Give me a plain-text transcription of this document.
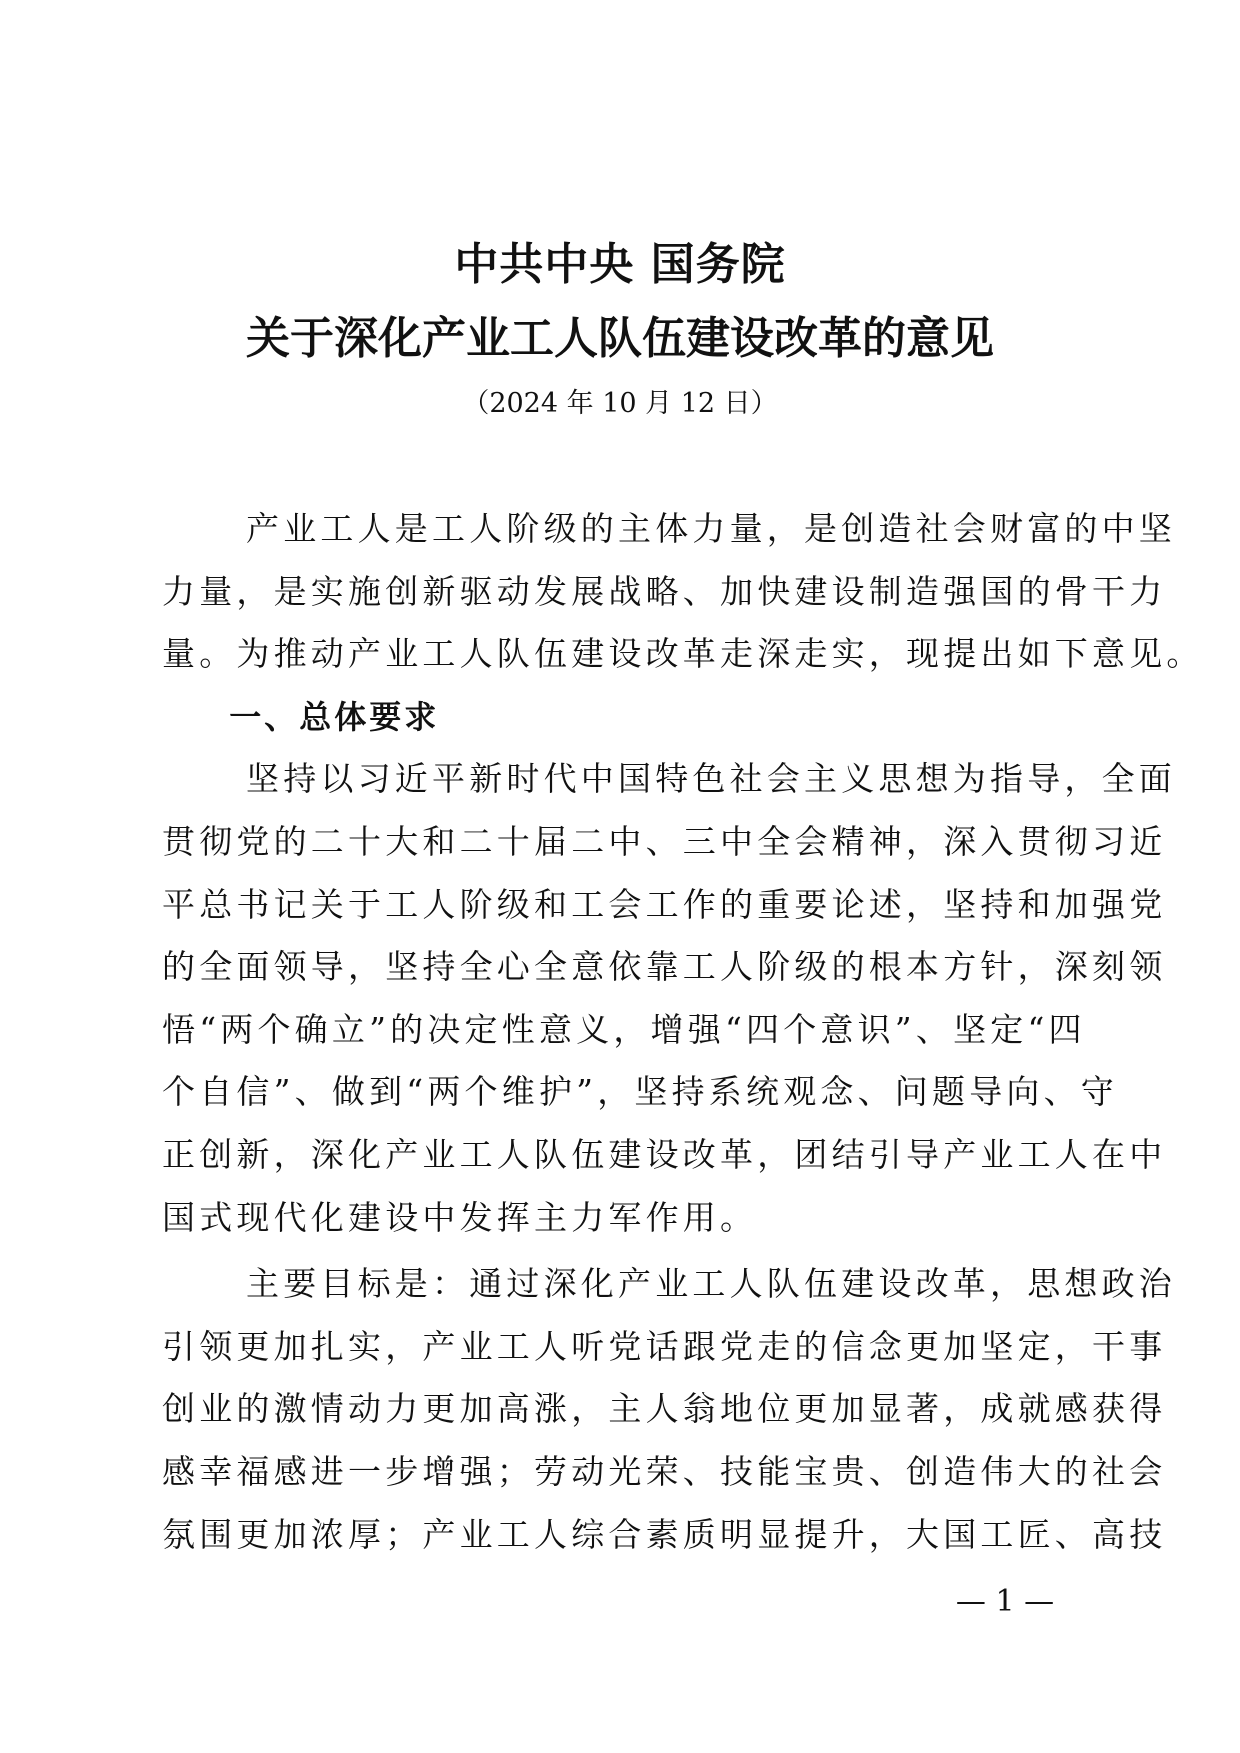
中共中央 国务院
关于深化产业工人队伍建设改革的意见
（2024 年 10 月 12 日）
产业工人是工人阶级的主体力量，是创造社会财富的中坚
力量，是实施创新驱动发展战略、加快建设制造强国的骨干力
量。为推动产业工人队伍建设改革走深走实，现提出如下意见。
一、总体要求
坚持以习近平新时代中国特色社会主义思想为指导，全面
贯彻党的二十大和二十届二中、三中全会精神，深入贯彻习近
平总书记关于工人阶级和工会工作的重要论述，坚持和加强党
的全面领导，坚持全心全意依靠工人阶级的根本方针，深刻领
悟“两个确立”的决定性意义，增强“四个意识”、坚定“四
个自信”、做到“两个维护”，坚持系统观念、问题导向、守
正创新，深化产业工人队伍建设改革，团结引导产业工人在中
国式现代化建设中发挥主力军作用。
主要目标是：通过深化产业工人队伍建设改革，思想政治
引领更加扎实，产业工人听党话跟党走的信念更加坚定，干事
创业的激情动力更加高涨，主人翁地位更加显著，成就感获得
感幸福感进一步增强；劳动光荣、技能宝贵、创造伟大的社会
氛围更加浓厚；产业工人综合素质明显提升，大国工匠、高技
— 1 —
